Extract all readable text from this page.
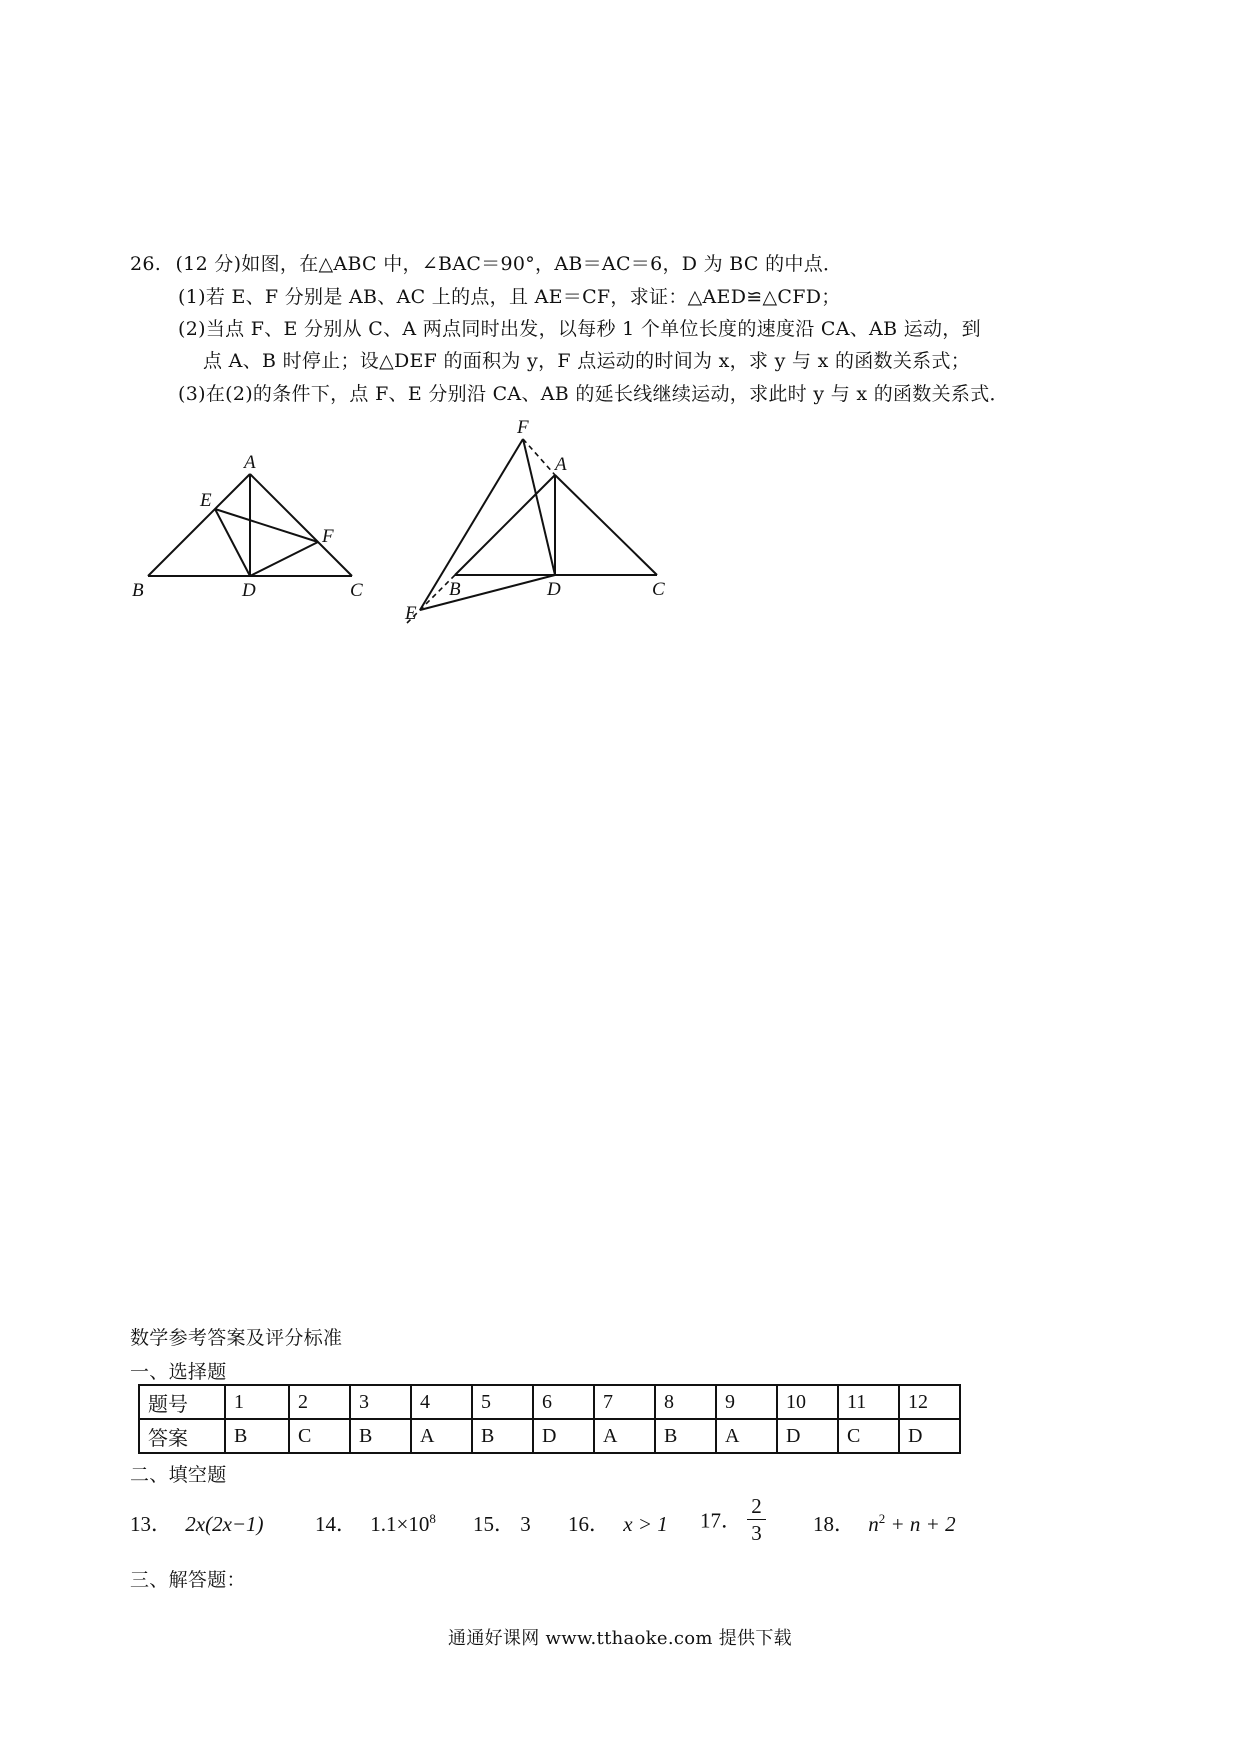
26. (12 分)如图，在△ABC 中，∠BAC＝90°，AB＝AC＝6，D 为 BC 的中点．
(1)若 E、F 分别是 AB、AC 上的点，且 AE＝CF，求证：△AED≌△CFD；
(2)当点 F、E 分别从 C、A 两点同时出发，以每秒 1 个单位长度的速度沿 CA、AB 运动，到
点 A、B 时停止；设△DEF 的面积为 y，F 点运动的时间为 x，求 y 与 x 的函数关系式；
(3)在(2)的条件下，点 F、E 分别沿 CA、AB 的延长线继续运动，求此时 y 与 x 的函数关系式．
A
E
F
B	D	C
F
A
B	D	C
E
数学参考答案及评分标准
一、选择题
题号	1	2	3	4	5	6	7	8	9	10	11	12
答案	B	C	B	A	B	D	A	B	A	D	C	D
二、填空题
13． 2x(2x−1) 14． $1.1\times 10^8$ 15． 3 16． x > 1 17． $\frac{2}{3} 18$． $n^2 + n + 2$
三、解答题：
通通好课网 www.tthaoke.com 提供下载
